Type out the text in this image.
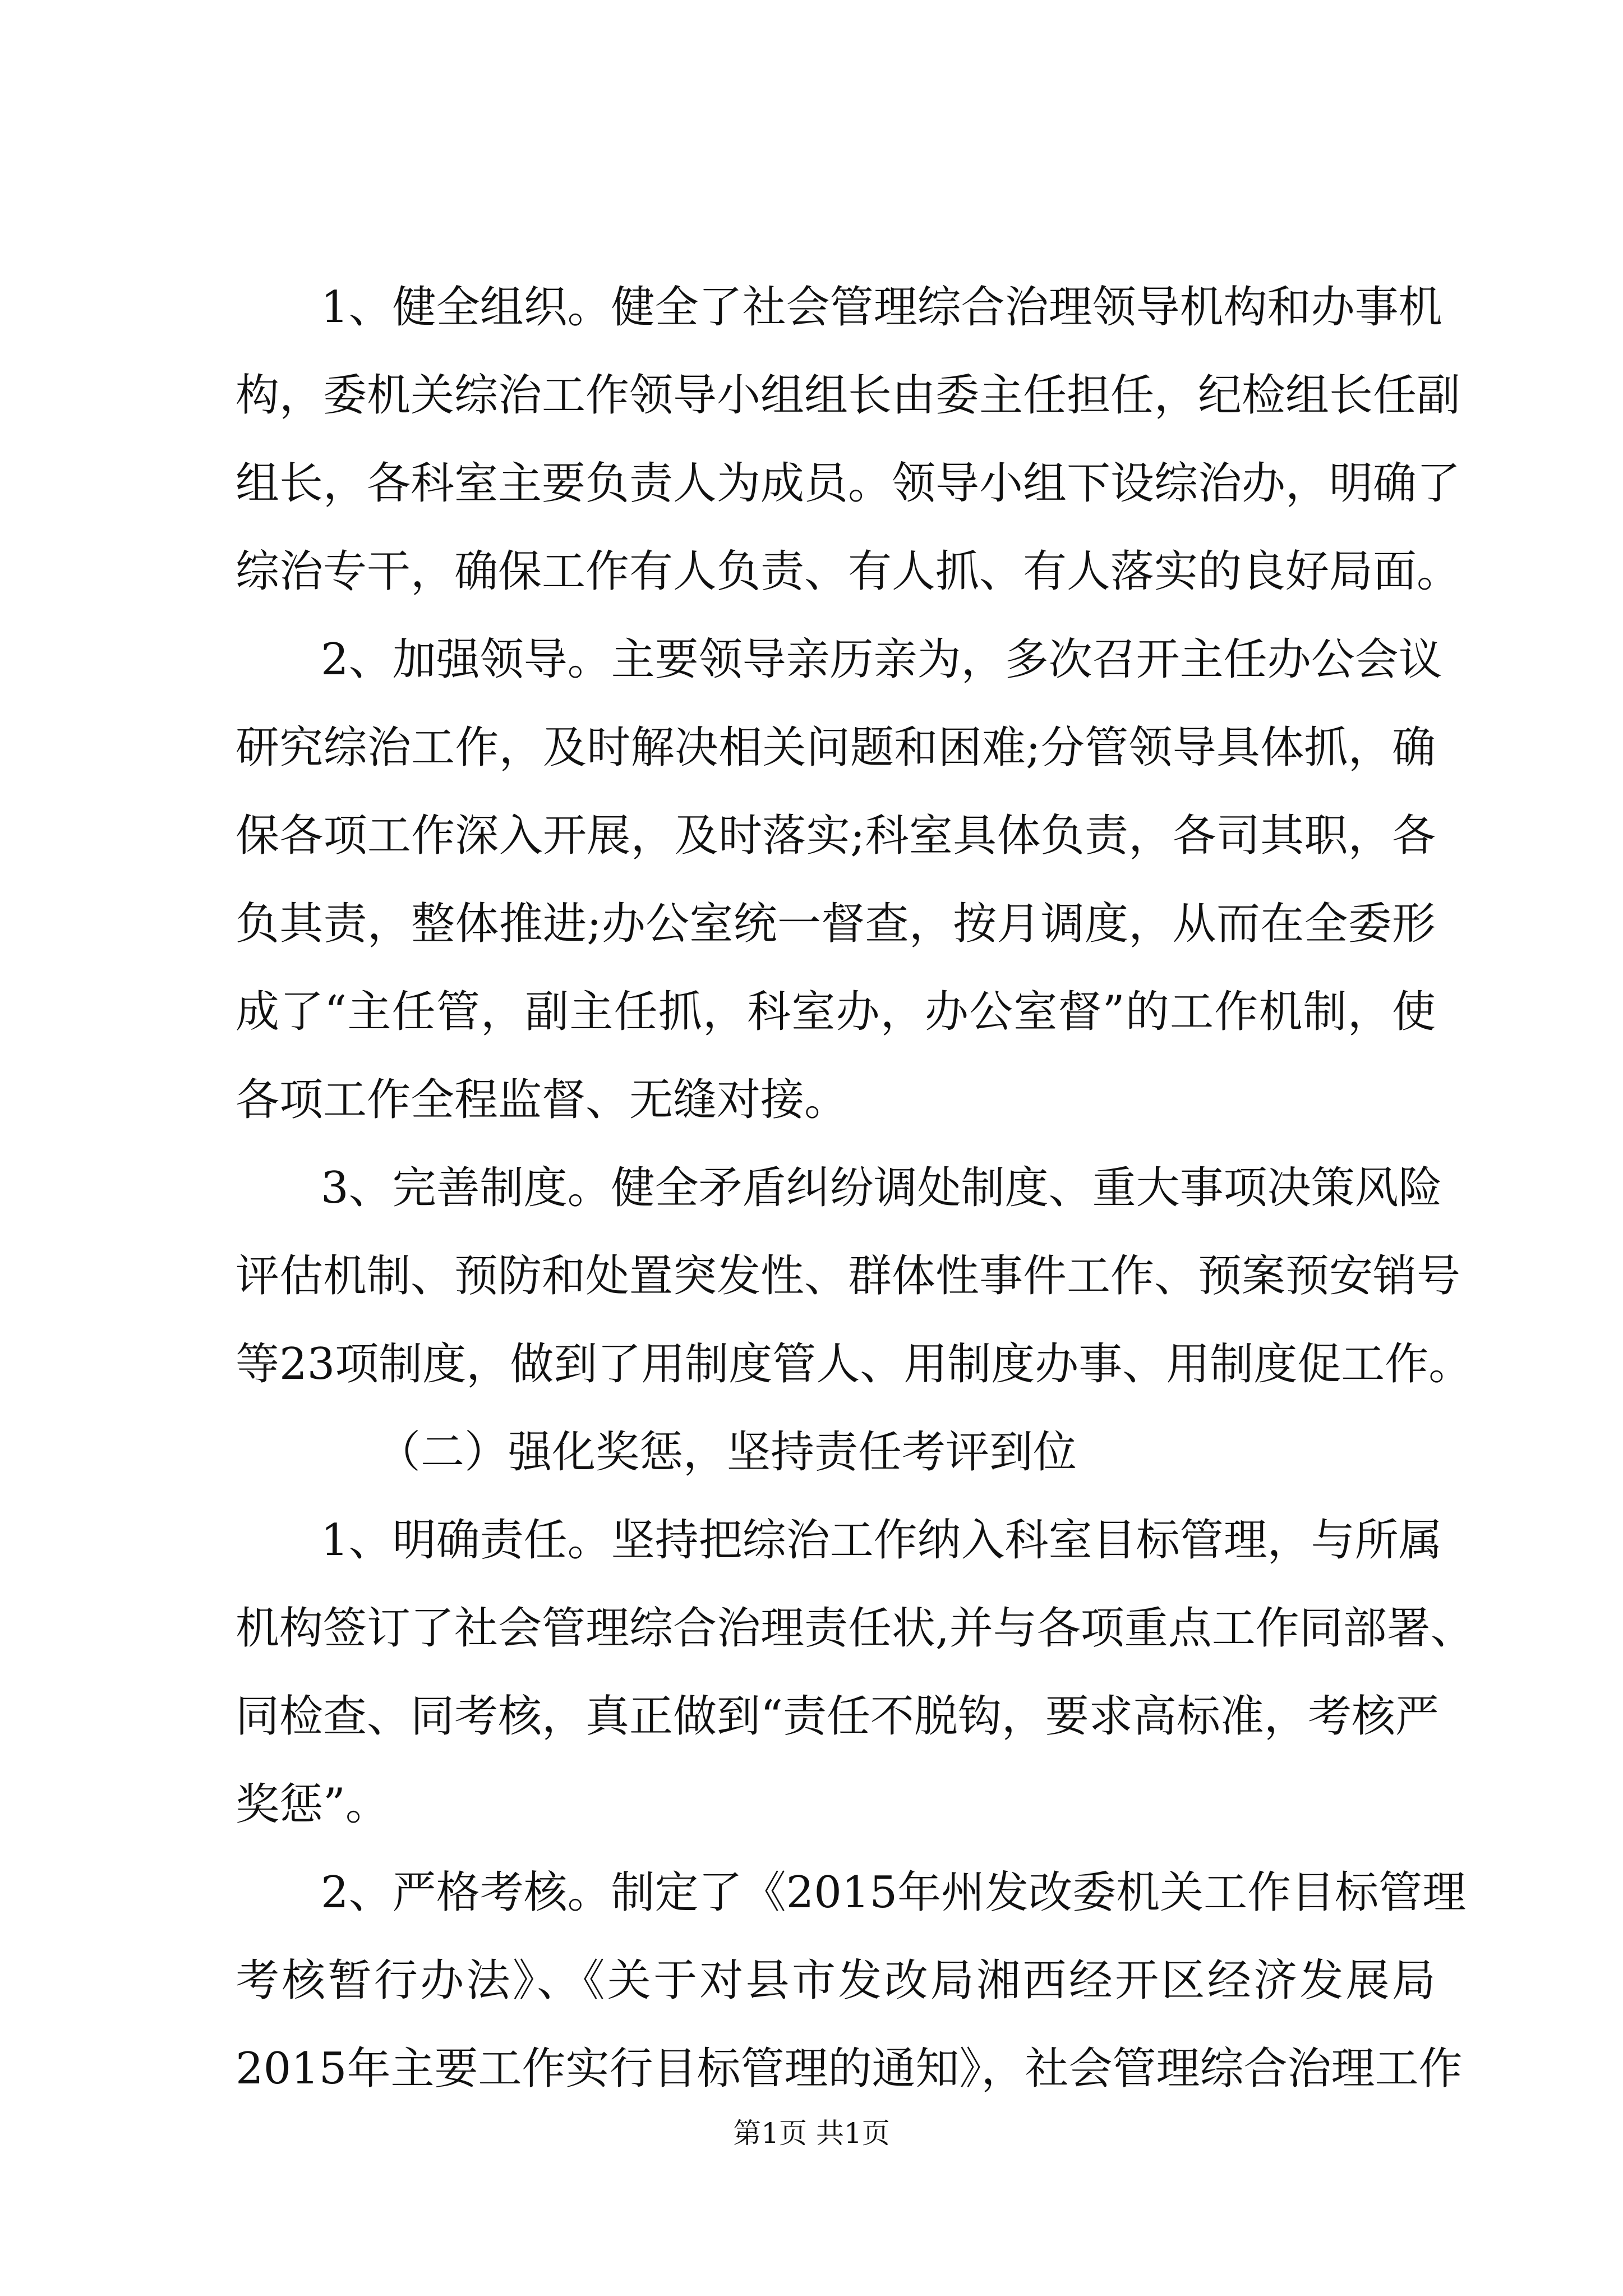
1、健全组织。健全了社会管理综合治理领导机构和办事机
构，委机关综治工作领导小组组长由委主任担任，纪检组长任副
组长，各科室主要负责人为成员。领导小组下设综治办，明确了
综治专干，确保工作有人负责、有人抓、有人落实的良好局面。
2、加强领导。主要领导亲历亲为，多次召开主任办公会议
研究综治工作，及时解决相关问题和困难;分管领导具体抓，确
保各项工作深入开展，及时落实;科室具体负责，各司其职，各
负其责，整体推进;办公室统一督查，按月调度，从而在全委形
成了“主任管，副主任抓，科室办，办公室督”的工作机制，使
各项工作全程监督、无缝对接。
3、完善制度。健全矛盾纠纷调处制度、重大事项决策风险
评估机制、预防和处置突发性、群体性事件工作、预案预安销号
等23项制度，做到了用制度管人、用制度办事、用制度促工作。
（二）强化奖惩，坚持责任考评到位
1、明确责任。坚持把综治工作纳入科室目标管理，与所属
机构签订了社会管理综合治理责任状,并与各项重点工作同部署、
同检查、同考核，真正做到“责任不脱钩，要求高标准，考核严
奖惩”。
2、严格考核。制定了《2015年州发改委机关工作目标管理
考核暂行办法》、《关于对县市发改局湘西经开区经济发展局
2015年主要工作实行目标管理的通知》，社会管理综合治理工作
第1页 共1页
